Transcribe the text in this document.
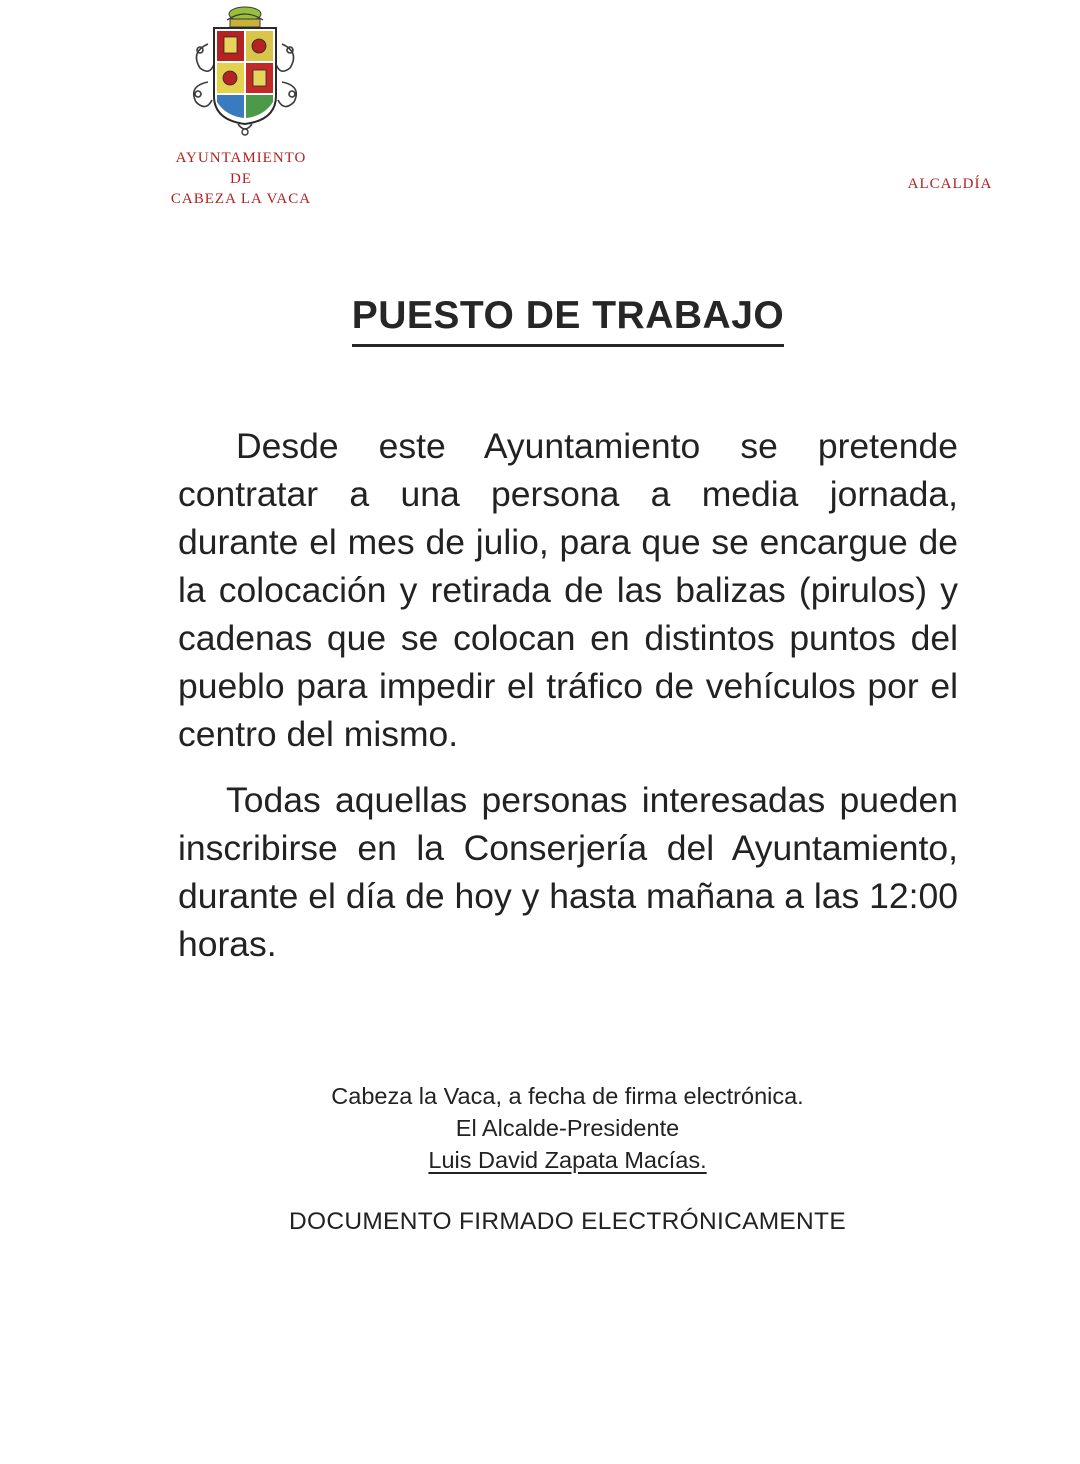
AYUNTAMIENTO
DE
CABEZA LA VACA
ALCALDÍA
PUESTO DE TRABAJO

Desde este Ayuntamiento se pretende contratar a una persona a media jornada, durante el mes de julio, para que se encargue de la colocación y retirada de las balizas (pirulos) y cadenas que se colocan en distintos puntos del pueblo para impedir el tráfico de vehículos por el centro del mismo.

Todas aquellas personas interesadas pueden inscribirse en la Conserjería del Ayuntamiento, durante el día de hoy y hasta mañana a las 12:00 horas.

Cabeza la Vaca, a fecha de firma electrónica.
El Alcalde-Presidente
Luis David Zapata Macías.
DOCUMENTO FIRMADO ELECTRÓNICAMENTE
